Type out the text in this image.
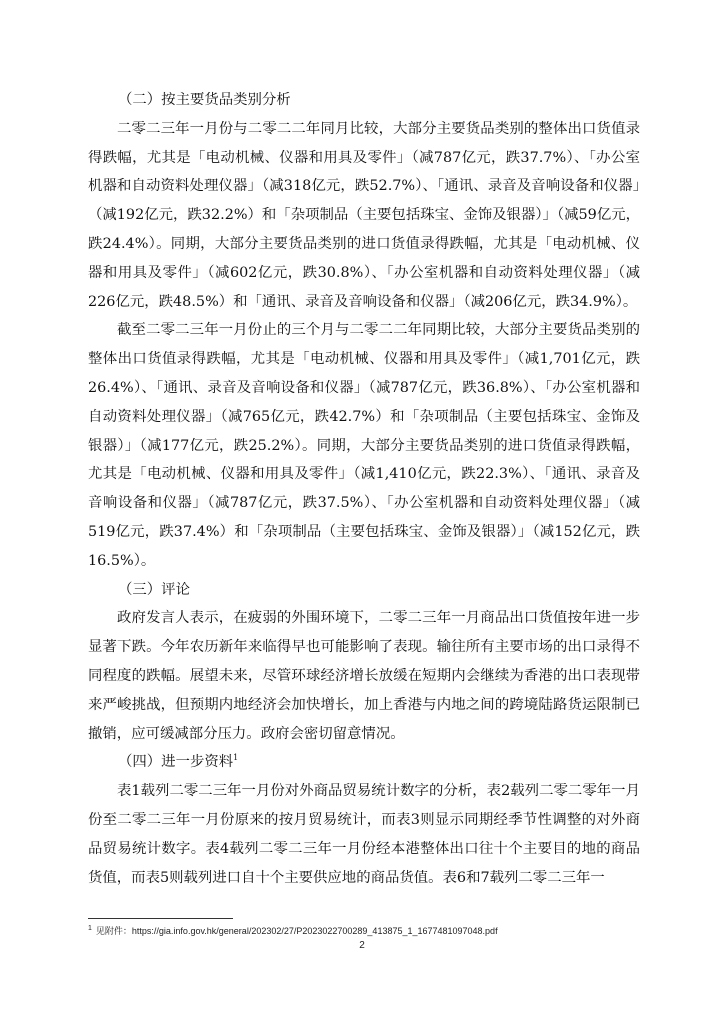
（二）按主要货品类别分析

二零二三年一月份与二零二二年同月比较，大部分主要货品类别的整体出口货值录得跌幅，尤其是「电动机械、仪器和用具及零件」（减787亿元，跌37.7%）、「办公室机器和自动资料处理仪器」（减318亿元，跌52.7%）、「通讯、录音及音响设备和仪器」（减192亿元，跌32.2%）和「杂项制品（主要包括珠宝、金饰及银器）」（减59亿元，跌24.4%）。同期，大部分主要货品类别的进口货值录得跌幅，尤其是「电动机械、仪器和用具及零件」（减602亿元，跌30.8%）、「办公室机器和自动资料处理仪器」（减226亿元，跌48.5%）和「通讯、录音及音响设备和仪器」（减206亿元，跌34.9%）。

截至二零二三年一月份止的三个月与二零二二年同期比较，大部分主要货品类别的整体出口货值录得跌幅，尤其是「电动机械、仪器和用具及零件」（减1,701亿元，跌26.4%）、「通讯、录音及音响设备和仪器」（减787亿元，跌36.8%）、「办公室机器和自动资料处理仪器」（减765亿元，跌42.7%）和「杂项制品（主要包括珠宝、金饰及银器）」（减177亿元，跌25.2%）。同期，大部分主要货品类别的进口货值录得跌幅，尤其是「电动机械、仪器和用具及零件」（减1,410亿元，跌22.3%）、「通讯、录音及音响设备和仪器」（减787亿元，跌37.5%）、「办公室机器和自动资料处理仪器」（减519亿元，跌37.4%）和「杂项制品（主要包括珠宝、金饰及银器）」（减152亿元，跌16.5%）。

（三）评论

政府发言人表示，在疲弱的外围环境下，二零二三年一月商品出口货值按年进一步显著下跌。今年农历新年来临得早也可能影响了表现。输往所有主要市场的出口录得不同程度的跌幅。展望未来，尽管环球经济增长放缓在短期内会继续为香港的出口表现带来严峻挑战，但预期内地经济会加快增长，加上香港与内地之间的跨境陆路货运限制已撤销，应可缓减部分压力。政府会密切留意情况。

（四）进一步资料$^1$

表1载列二零二三年一月份对外商品贸易统计数字的分析，表2载列二零二零年一月份至二零二三年一月份原来的按月贸易统计，而表3则显示同期经季节性调整的对外商品贸易统计数字。表4载列二零二三年一月份经本港整体出口往十个主要目的地的商品货值，而表5则载列进口自十个主要供应地的商品货值。表6和7载列二零二三年一

$^1$ 见附件：https://gia.info.gov.hk/general/202302/27/P2023022700289_413875_1_1677481097048.pdf
2
